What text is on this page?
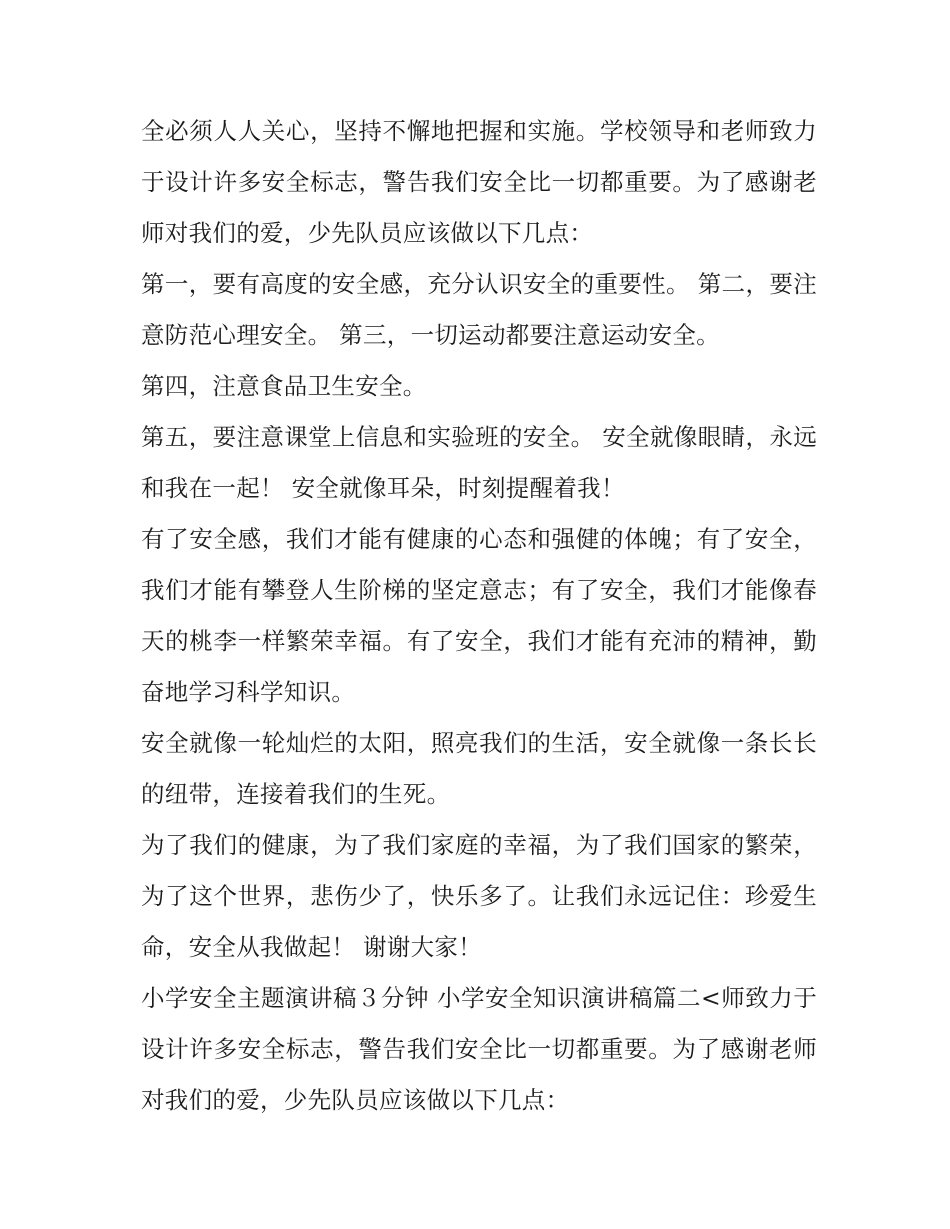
全必须人人关心，坚持不懈地把握和实施。学校领导和老师致力于设计许多安全标志，警告我们安全比一切都重要。为了感谢老师对我们的爱，少先队员应该做以下几点：

第一，要有高度的安全感，充分认识安全的重要性。 第二，要注意防范心理安全。 第三，一切运动都要注意运动安全。

第四，注意食品卫生安全。

第五，要注意课堂上信息和实验班的安全。 安全就像眼睛，永远和我在一起！ 安全就像耳朵，时刻提醒着我！

有了安全感，我们才能有健康的心态和强健的体魄；有了安全，我们才能有攀登人生阶梯的坚定意志；有了安全，我们才能像春天的桃李一样繁荣幸福。有了安全，我们才能有充沛的精神，勤奋地学习科学知识。

安全就像一轮灿烂的太阳，照亮我们的生活，安全就像一条长长的纽带，连接着我们的生死。

为了我们的健康，为了我们家庭的幸福，为了我们国家的繁荣，为了这个世界，悲伤少了，快乐多了。让我们永远记住：珍爱生命，安全从我做起！ 谢谢大家！

小学安全主题演讲稿３分钟 小学安全知识演讲稿篇二<师致力于设计许多安全标志，警告我们安全比一切都重要。为了感谢老师对我们的爱，少先队员应该做以下几点：
